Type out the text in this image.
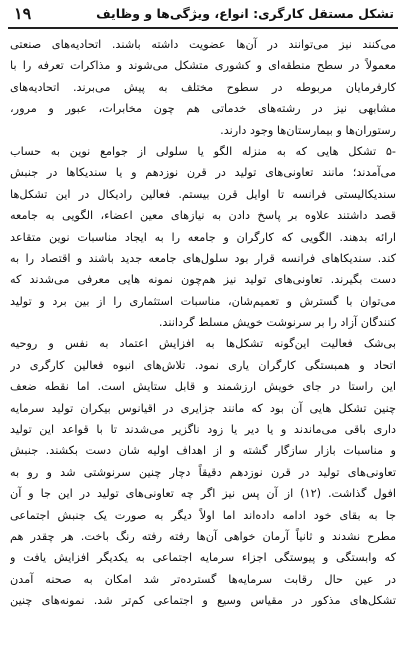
تشکل مستقل کارگری: انواع، ویژگی‌ها و وظایف
۱۹
می‌کنند نیز می‌توانند در آن‌ها عضویت داشته باشند. اتحادیه‌های صنعتی
معمولاً در سطح منطقه‌ای و کشوری متشکل می‌شوند و مذاکرات تعرفه را با
کارفرمایان مربوطه در سطوح مختلف به پیش می‌برند. اتحادیه‌های
مشابهی نیز در رشته‌های خدماتی هم چون مخابرات، عبور و مرور،
رستوران‌ها و بیمارستان‌ها وجود دارند.
-۵ تشکل هایی که به منزله الگو یا سلولی از جوامع نوین به حساب
می‌آمدند؛ مانند تعاونی‌های تولید در قرن نوزدهم و یا سندیکاها در جنبش
سندیکالیستی فرانسه تا اوایل قرن بیستم. فعالین رادیکال در این تشکل‌ها
قصد داشتند علاوه بر پاسخ دادن به نیازهای معین اعضاء، الگویی به جامعه
ارائه بدهند. الگویی که کارگران و جامعه را به ایجاد مناسبات نوین متقاعد
کند. سندیکاهای فرانسه قرار بود سلول‌های جامعه جدید باشند و اقتصاد را به
دست بگیرند. تعاونی‌های تولید نیز هم‌چون نمونه هایی معرفی می‌شدند که
می‌توان با گسترش و تعمیم‌شان، مناسبات استثماری را از بین برد و تولید
کنندگان آزاد را بر سرنوشت خویش مسلط گردانند.
بی‌شک فعالیت این‌گونه تشکل‌ها به افزایش اعتماد به نفس و روحیه
اتحاد و همبستگی کارگران یاری نمود. تلاش‌های انبوه فعالین کارگری در
این راستا در جای خویش ارزشمند و قابل ستایش است. اما نقطه ضعف
چنین تشکل هایی آن بود که مانند جزایری در اقیانوس بیکران تولید سرمایه
داری باقی می‌ماندند و یا دیر یا زود ناگزیر می‌شدند تا با قواعد این تولید
و مناسبات بازار سازگار گشته و از اهداف اولیه شان دست بکشند. جنبش
تعاونی‌های تولید در قرن نوزدهم دقیقاً دچار چنین سرنوشتی شد و رو به
افول گذاشت. (۱۲) از آن پس نیز اگر چه تعاونی‌های تولید در این جا و آن
جا به بقای خود ادامه داده‌اند اما اولاً دیگر به صورت یک جنبش اجتماعی
مطرح نشدند و ثانیاً آرمان خواهی آن‌ها رفته رفته رنگ باخت. هر چقدر هم
که وابستگی و پیوستگی اجزاء سرمایه اجتماعی به یکدیگر افزایش یافت و
در عین حال رقابت سرمایه‌ها گسترده‌تر شد امکان به صحنه آمدن
تشکل‌های مذکور در مقیاس وسیع و اجتماعی کم‌تر شد. نمونه‌های چنین
